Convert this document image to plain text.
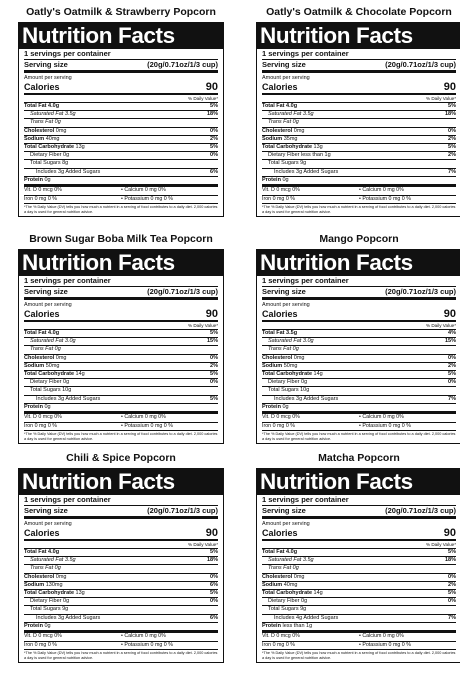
Oatly's Oatmilk & Strawberry Popcorn
Nutrition Facts
1 servings per container
Serving size	(20g/0.71oz/1/3 cup)
Amount per serving
Calories	90
% Daily Value*
Total Fat 4.0g	5%
Saturated Fat 3.5g	18%
Trans Fat 0g
Cholesterol 0mg	0%
Sodium 40mg	2%
Total Carbohydrate 13g	5%
Dietary Fiber 0g	0%
Total Sugars 8g
Includes 3g Added Sugars	6%
Protein 0g
Vit. D 0 mcg 0%	• Calcium 0 mg 0%
Iron 0 mg 0 %	• Potassium 0 mg 0 %
*The % Daily Value (DV) tells you how much a nutrient in a serving of food contributes to a daily diet. 2,000 calories a day is used for general nutrition advice.
Oatly's Oatmilk & Chocolate Popcorn
Nutrition Facts
1 servings per container
Serving size	(20g/0.71oz/1/3 cup)
Amount per serving
Calories	90
% Daily Value*
Total Fat 4.0g	5%
Saturated Fat 3.5g	18%
Trans Fat 0g
Cholesterol 0mg	0%
Sodium 35mg	2%
Total Carbohydrate 13g	5%
Dietary Fiber less than 1g	2%
Total Sugars 9g
Includes 3g Added Sugars	7%
Protein 0g
Vit. D 0 mcg 0%	• Calcium 0 mg 0%
Iron 0 mg 0 %	• Potassium 0 mg 0 %
*The % Daily Value (DV) tells you how much a nutrient in a serving of food contributes to a daily diet. 2,000 calories a day is used for general nutrition advice.
Brown Sugar Boba Milk Tea Popcorn
Nutrition Facts
1 servings per container
Serving size	(20g/0.71oz/1/3 cup)
Amount per serving
Calories	90
% Daily Value*
Total Fat 4.0g	5%
Saturated Fat 3.0g	15%
Trans Fat 0g
Cholesterol 0mg	0%
Sodium 50mg	2%
Total Carbohydrate 14g	5%
Dietary Fiber 0g	0%
Total Sugars 10g
Includes 3g Added Sugars	5%
Protein 0g
Vit. D 0 mcg 0%	• Calcium 0 mg 0%
Iron 0 mg 0 %	• Potassium 0 mg 0 %
*The % Daily Value (DV) tells you how much a nutrient in a serving of food contributes to a daily diet. 2,000 calories a day is used for general nutrition advice.
Mango Popcorn
Nutrition Facts
1 servings per container
Serving size	(20g/0.71oz/1/3 cup)
Amount per serving
Calories	90
% Daily Value*
Total Fat 3.5g	4%
Saturated Fat 3.0g	15%
Trans Fat 0g
Cholesterol 0mg	0%
Sodium 50mg	2%
Total Carbohydrate 14g	5%
Dietary Fiber 0g	0%
Total Sugars 10g
Includes 3g Added Sugars	7%
Protein 0g
Vit. D 0 mcg 0%	• Calcium 0 mg 0%
Iron 0 mg 0 %	• Potassium 0 mg 0 %
*The % Daily Value (DV) tells you how much a nutrient in a serving of food contributes to a daily diet. 2,000 calories a day is used for general nutrition advice.
Chili & Spice Popcorn
Nutrition Facts
1 servings per container
Serving size	(20g/0.71oz/1/3 cup)
Amount per serving
Calories	90
% Daily Value*
Total Fat 4.0g	5%
Saturated Fat 3.5g	18%
Trans Fat 0g
Cholesterol 0mg	0%
Sodium 130mg	6%
Total Carbohydrate 13g	5%
Dietary Fiber 0g	0%
Total Sugars 9g
Includes 3g Added Sugars	6%
Protein 0g
Vit. D 0 mcg 0%	• Calcium 0 mg 0%
Iron 0 mg 0 %	• Potassium 0 mg 0 %
*The % Daily Value (DV) tells you how much a nutrient in a serving of food contributes to a daily diet. 2,000 calories a day is used for general nutrition advice.
Matcha Popcorn
Nutrition Facts
1 servings per container
Serving size	(20g/0.71oz/1/3 cup)
Amount per serving
Calories	90
% Daily Value*
Total Fat 4.0g	5%
Saturated Fat 3.5g	18%
Trans Fat 0g
Cholesterol 0mg	0%
Sodium 40mg	2%
Total Carbohydrate 14g	5%
Dietary Fiber 0g	0%
Total Sugars 9g
Includes 4g Added Sugars	7%
Protein less than 1g
Vit. D 0 mcg 0%	• Calcium 0 mg 0%
Iron 0 mg 0 %	• Potassium 0 mg 0 %
*The % Daily Value (DV) tells you how much a nutrient in a serving of food contributes to a daily diet. 2,000 calories a day is used for general nutrition advice.
